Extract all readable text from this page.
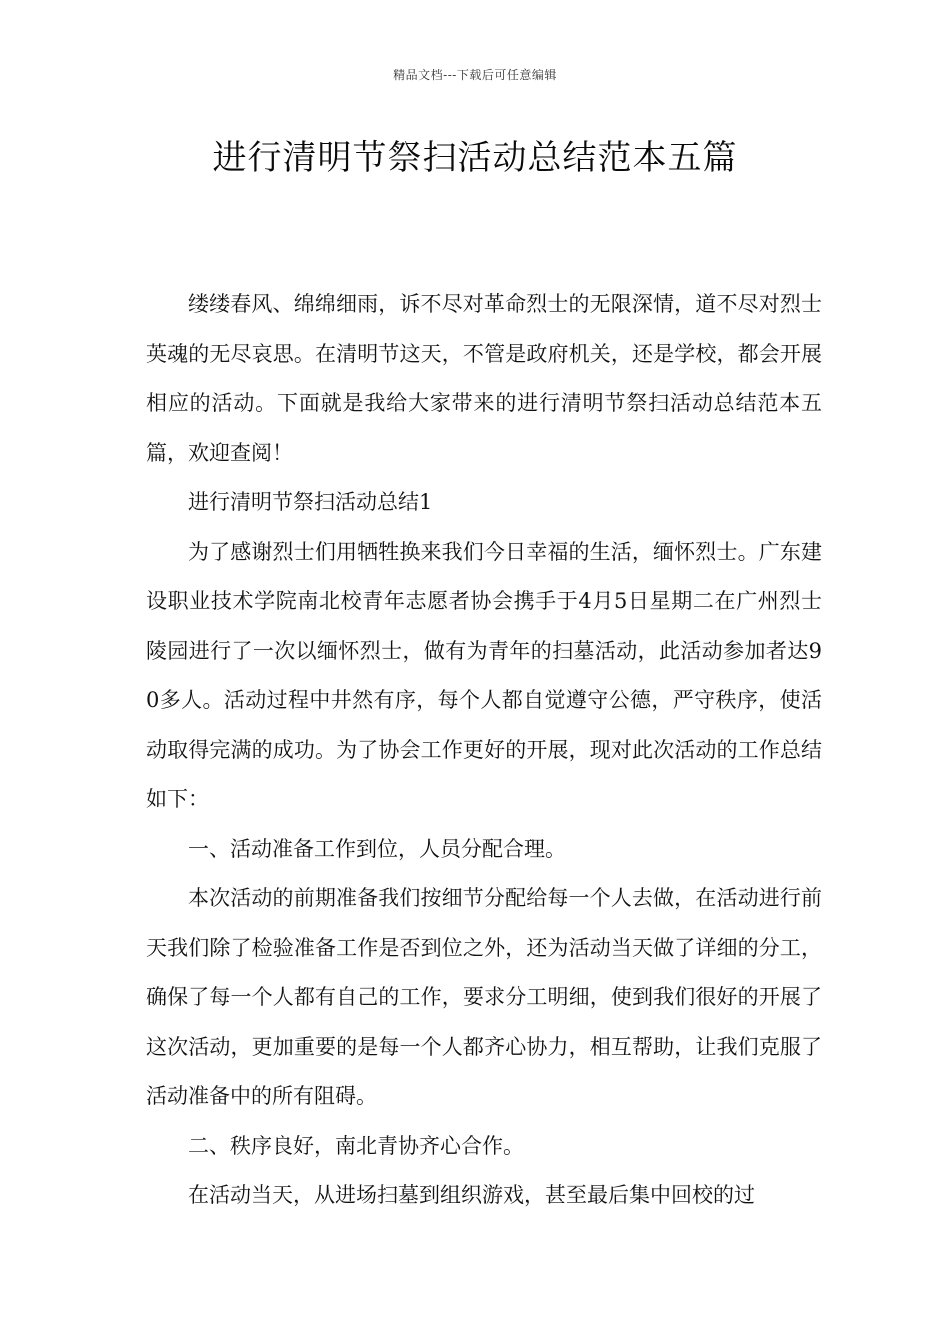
精品文档---下载后可任意编辑
进行清明节祭扫活动总结范本五篇

缕缕春风、绵绵细雨，诉不尽对革命烈士的无限深情，道不尽对烈士英魂的无尽哀思。在清明节这天，不管是政府机关，还是学校，都会开展相应的活动。下面就是我给大家带来的进行清明节祭扫活动总结范本五篇，欢迎查阅！

进行清明节祭扫活动总结1

为了感谢烈士们用牺牲换来我们今日幸福的生活，缅怀烈士。广东建设职业技术学院南北校青年志愿者协会携手于4月5日星期二在广州烈士陵园进行了一次以缅怀烈士，做有为青年的扫墓活动，此活动参加者达90多人。活动过程中井然有序，每个人都自觉遵守公德，严守秩序，使活动取得完满的成功。为了协会工作更好的开展，现对此次活动的工作总结如下：

一、活动准备工作到位，人员分配合理。

本次活动的前期准备我们按细节分配给每一个人去做，在活动进行前天我们除了检验准备工作是否到位之外，还为活动当天做了详细的分工，确保了每一个人都有自己的工作，要求分工明细，使到我们很好的开展了这次活动，更加重要的是每一个人都齐心协力，相互帮助，让我们克服了活动准备中的所有阻碍。

二、秩序良好，南北青协齐心合作。

在活动当天，从进场扫墓到组织游戏，甚至最后集中回校的过
